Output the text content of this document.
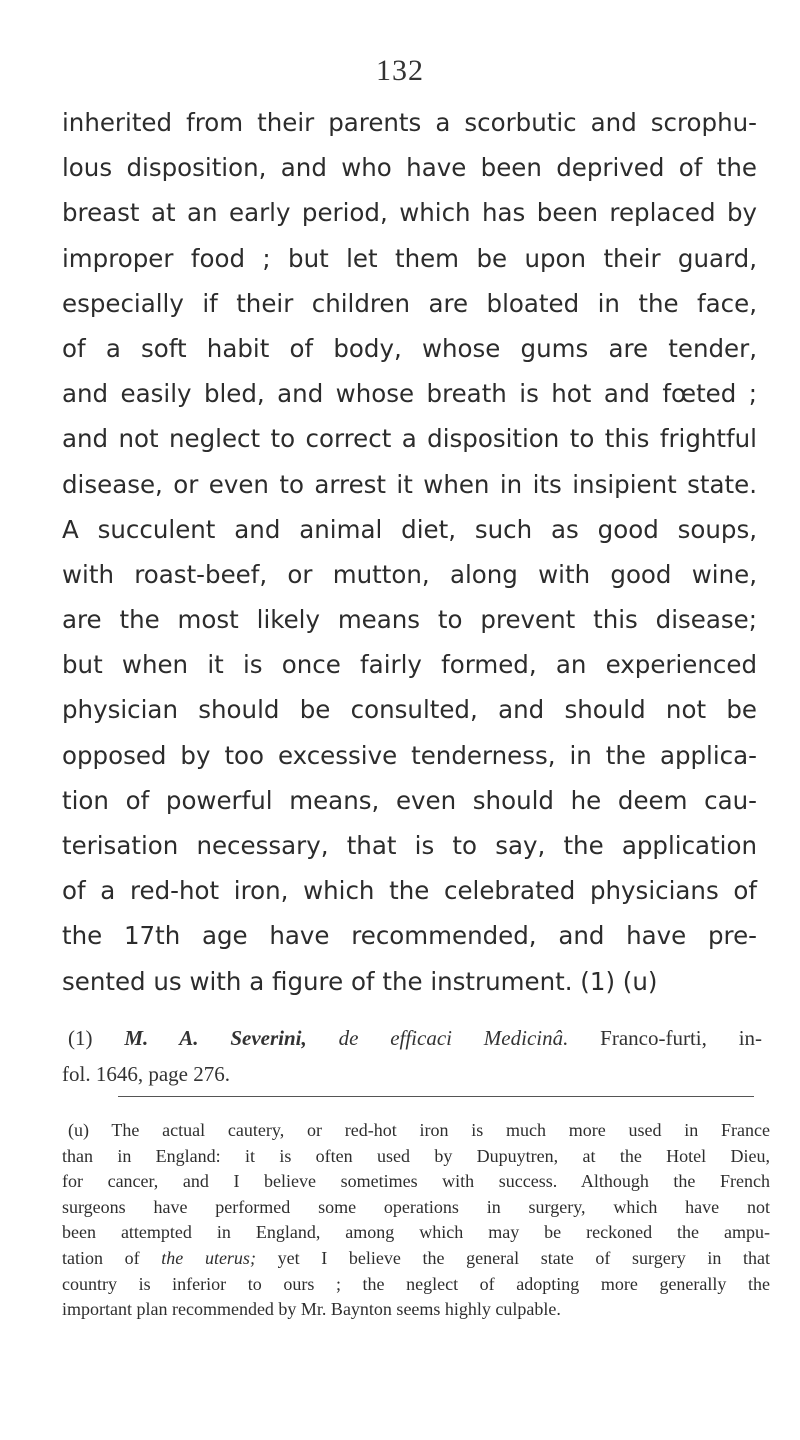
132
inherited from their parents a scorbutic and scrophu-
lous disposition, and who have been deprived of the
breast at an early period, which has been replaced by
improper food ; but let them be upon their guard,
especially if their children are bloated in the face,
of a soft habit of body, whose gums are tender,
and easily bled, and whose breath is hot and fœted ;
and not neglect to correct a disposition to this frightful
disease, or even to arrest it when in its insipient state.
A succulent and animal diet, such as good soups,
with roast-beef, or mutton, along with good wine,
are the most likely means to prevent this disease;
but when it is once fairly formed, an experienced
physician should be consulted, and should not be
opposed by too excessive tenderness, in the applica-
tion of powerful means, even should he deem cau-
terisation necessary, that is to say, the application
of a red-hot iron, which the celebrated physicians of
the 17th age have recommended, and have pre-
sented us with a figure of the instrument. (1) (u)
(1) M. A. Severini, de efficaci Medicinâ. Franco-furti, in-
fol. 1646, page 276.
(u) The actual cautery, or red-hot iron is much more used in France
than in England: it is often used by Dupuytren, at the Hotel Dieu,
for cancer, and I believe sometimes with success. Although the French
surgeons have performed some operations in surgery, which have not
been attempted in England, among which may be reckoned the ampu-
tation of the uterus; yet I believe the general state of surgery in that
country is inferior to ours ; the neglect of adopting more generally the
important plan recommended by Mr. Baynton seems highly culpable.
